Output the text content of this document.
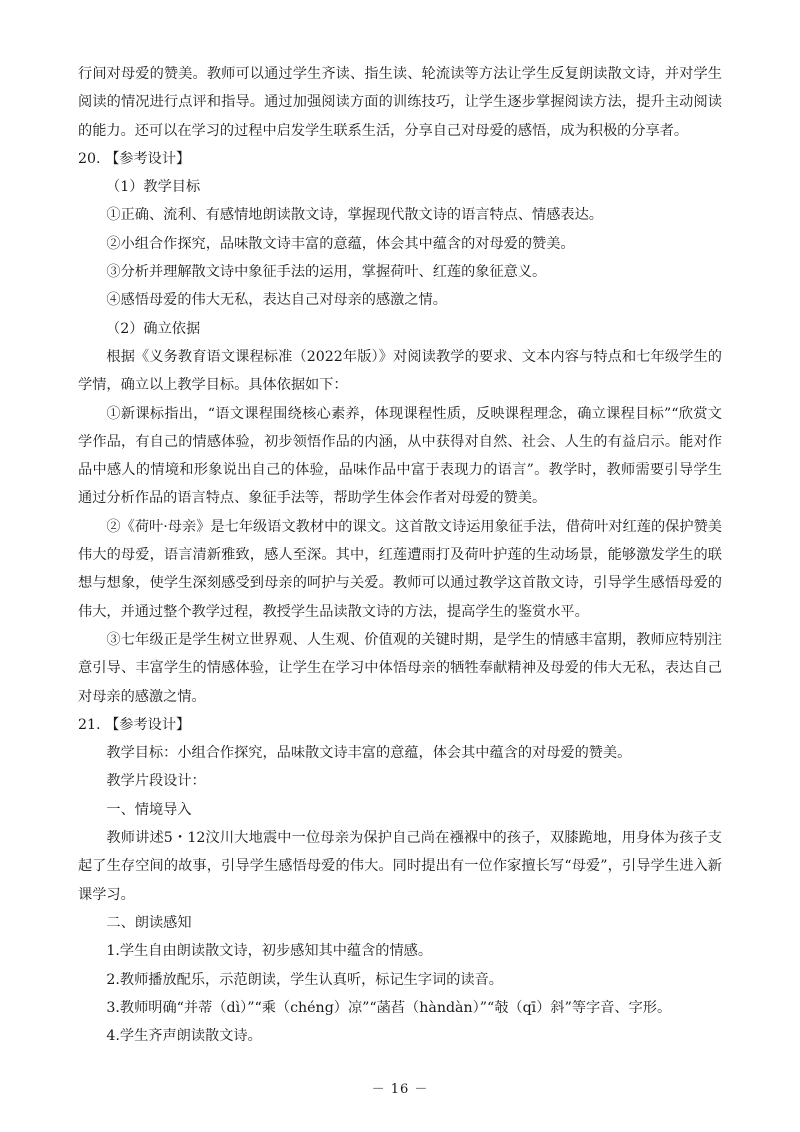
行间对母爱的赞美。教师可以通过学生齐读、指生读、轮流读等方法让学生反复朗读散文诗，并对学生阅读的情况进行点评和指导。通过加强阅读方面的训练技巧，让学生逐步掌握阅读方法，提升主动阅读的能力。还可以在学习的过程中启发学生联系生活，分享自己对母爱的感悟，成为积极的分享者。

20. 【参考设计】

（1）教学目标

①正确、流利、有感情地朗读散文诗，掌握现代散文诗的语言特点、情感表达。

②小组合作探究，品味散文诗丰富的意蕴，体会其中蕴含的对母爱的赞美。

③分析并理解散文诗中象征手法的运用，掌握荷叶、红莲的象征意义。

④感悟母爱的伟大无私，表达自己对母亲的感激之情。

（2）确立依据

根据《义务教育语文课程标准（2022年版）》对阅读教学的要求、文本内容与特点和七年级学生的学情，确立以上教学目标。具体依据如下：

①新课标指出，“语文课程围绕核心素养，体现课程性质，反映课程理念，确立课程目标”“欣赏文学作品，有自己的情感体验，初步领悟作品的内涵，从中获得对自然、社会、人生的有益启示。能对作品中感人的情境和形象说出自己的体验，品味作品中富于表现力的语言”。教学时，教师需要引导学生通过分析作品的语言特点、象征手法等，帮助学生体会作者对母爱的赞美。

②《荷叶·母亲》是七年级语文教材中的课文。这首散文诗运用象征手法，借荷叶对红莲的保护赞美伟大的母爱，语言清新雅致，感人至深。其中，红莲遭雨打及荷叶护莲的生动场景，能够激发学生的联想与想象，使学生深刻感受到母亲的呵护与关爱。教师可以通过教学这首散文诗，引导学生感悟母爱的伟大，并通过整个教学过程，教授学生品读散文诗的方法，提高学生的鉴赏水平。

③七年级正是学生树立世界观、人生观、价值观的关键时期，是学生的情感丰富期，教师应特别注意引导、丰富学生的情感体验，让学生在学习中体悟母亲的牺牲奉献精神及母爱的伟大无私，表达自己对母亲的感激之情。

21. 【参考设计】

教学目标：小组合作探究，品味散文诗丰富的意蕴，体会其中蕴含的对母爱的赞美。

教学片段设计：

一、情境导入

教师讲述5・12汶川大地震中一位母亲为保护自己尚在襁褓中的孩子，双膝跪地，用身体为孩子支起了生存空间的故事，引导学生感悟母爱的伟大。同时提出有一位作家擅长写“母爱”，引导学生进入新课学习。

二、朗读感知

1.学生自由朗读散文诗，初步感知其中蕴含的情感。

2.教师播放配乐，示范朗读，学生认真听，标记生字词的读音。

3.教师明确“并蒂（dì）”“乘（chéng）凉”“菡萏（hàndàn）”“攲（qī）斜”等字音、字形。

4.学生齐声朗读散文诗。

－ 16 －
